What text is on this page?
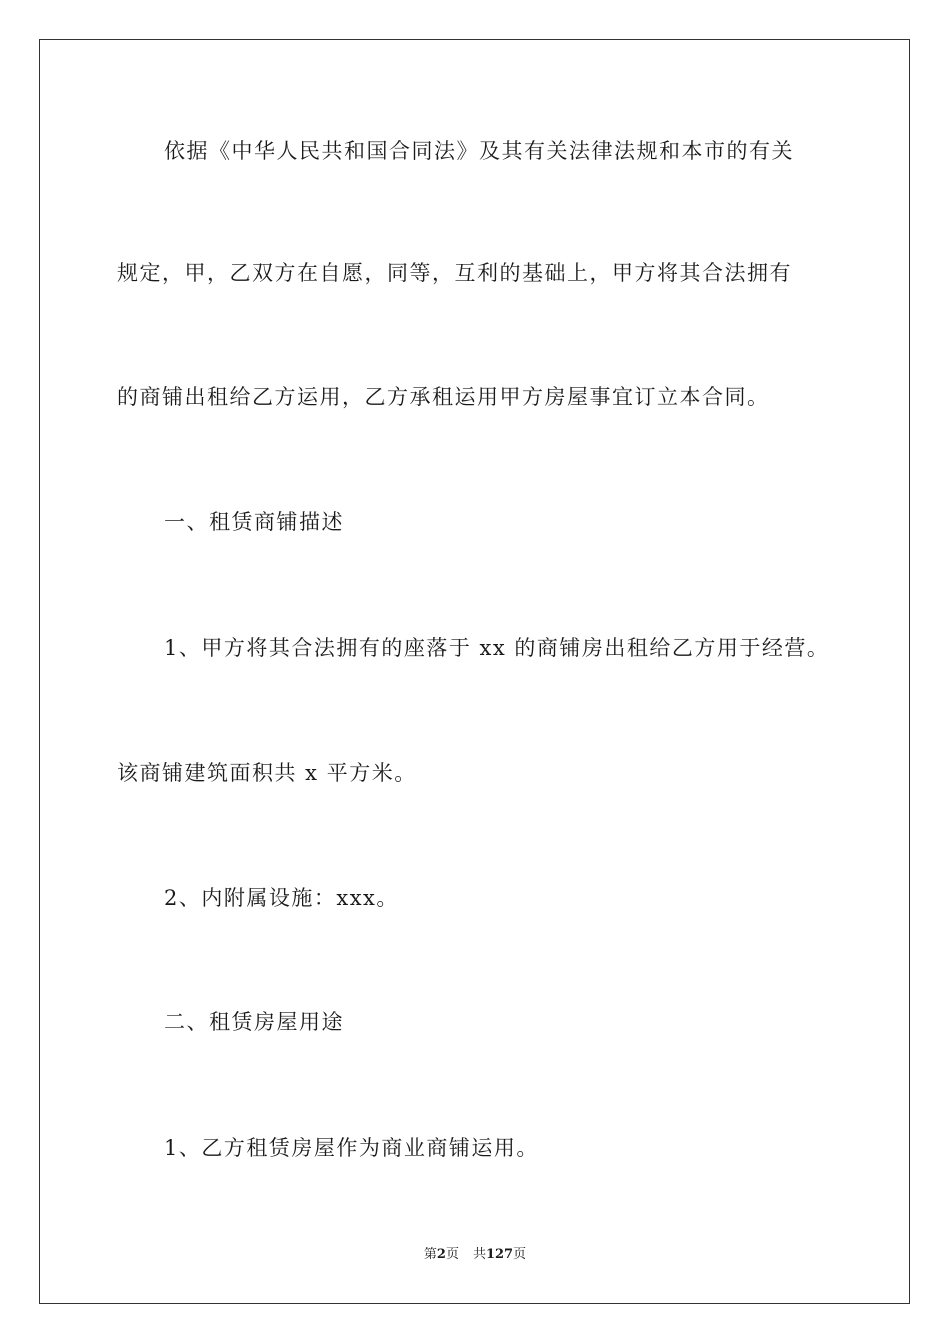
依据《中华人民共和国合同法》及其有关法律法规和本市的有关
规定，甲，乙双方在自愿，同等，互利的基础上，甲方将其合法拥有
的商铺出租给乙方运用，乙方承租运用甲方房屋事宜订立本合同。
一、租赁商铺描述
1、甲方将其合法拥有的座落于 xx 的商铺房出租给乙方用于经营。
该商铺建筑面积共 x 平方米。
2、内附属设施：xxx。
二、租赁房屋用途
1、乙方租赁房屋作为商业商铺运用。
第2页 共127页
